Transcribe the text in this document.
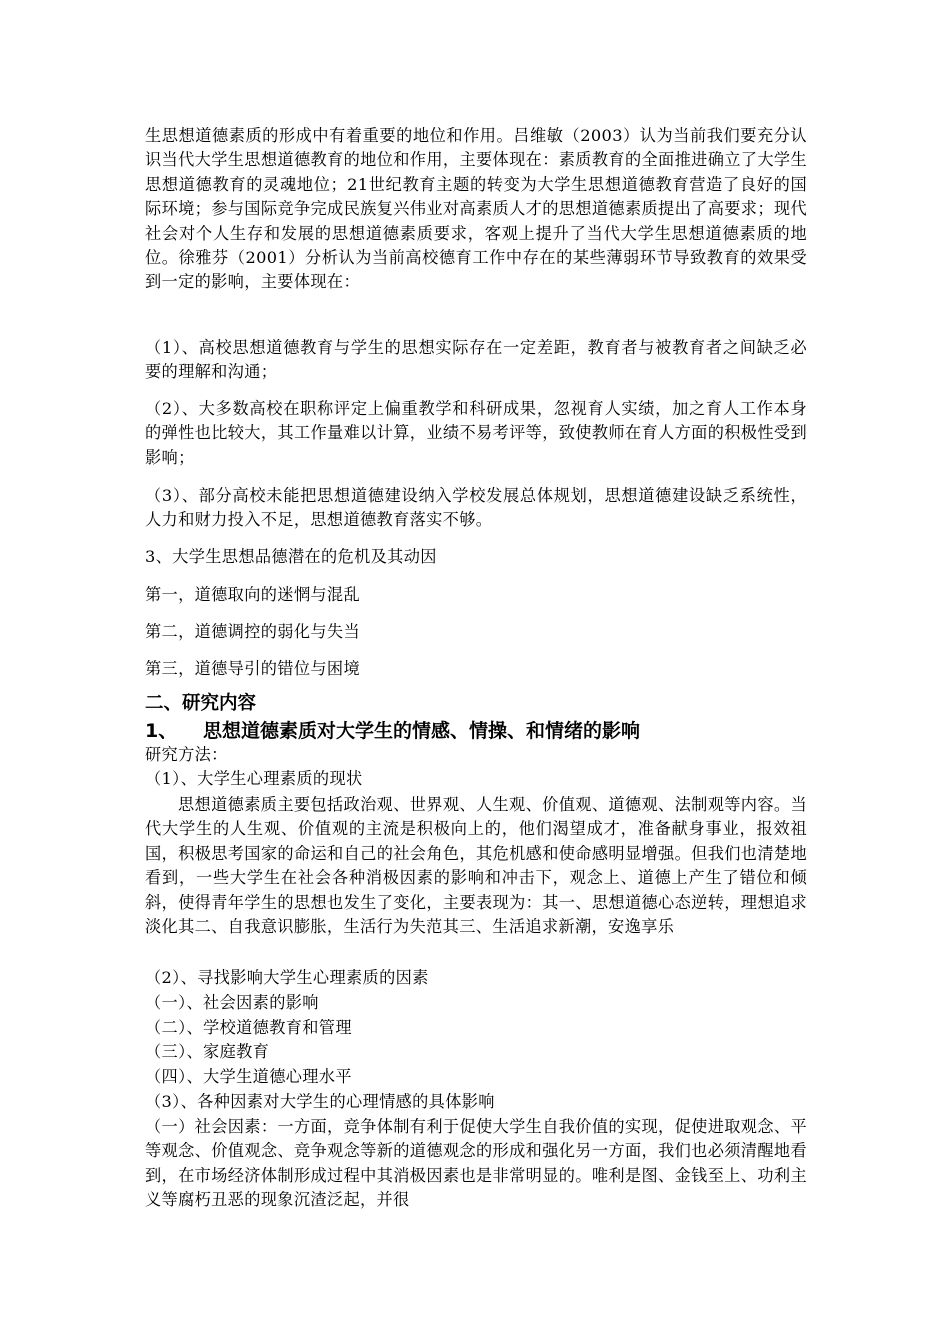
生思想道德素质的形成中有着重要的地位和作用。吕维敏（2003）认为当前我们要充分认识当代大学生思想道德教育的地位和作用，主要体现在：素质教育的全面推进确立了大学生思想道德教育的灵魂地位；21世纪教育主题的转变为大学生思想道德教育营造了良好的国际环境；参与国际竞争完成民族复兴伟业对高素质人才的思想道德素质提出了高要求；现代社会对个人生存和发展的思想道德素质要求，客观上提升了当代大学生思想道德素质的地位。徐雅芬（2001）分析认为当前高校德育工作中存在的某些薄弱环节导致教育的效果受到一定的影响，主要体现在：

（1）、高校思想道德教育与学生的思想实际存在一定差距，教育者与被教育者之间缺乏必要的理解和沟通；

（2）、大多数高校在职称评定上偏重教学和科研成果，忽视育人实绩，加之育人工作本身的弹性也比较大，其工作量难以计算，业绩不易考评等，致使教师在育人方面的积极性受到影响；

（3）、部分高校未能把思想道德建设纳入学校发展总体规划，思想道德建设缺乏系统性，人力和财力投入不足，思想道德教育落实不够。

3、大学生思想品德潜在的危机及其动因

第一，道德取向的迷惘与混乱

第二，道德调控的弱化与失当

第三，道德导引的错位与困境

二、研究内容

1、 思想道德素质对大学生的情感、情操、和情绪的影响

研究方法：

（1）、大学生心理素质的现状

思想道德素质主要包括政治观、世界观、人生观、价值观、道德观、法制观等内容。当代大学生的人生观、价值观的主流是积极向上的，他们渴望成才，准备献身事业，报效祖国，积极思考国家的命运和自己的社会角色，其危机感和使命感明显增强。但我们也清楚地看到，一些大学生在社会各种消极因素的影响和冲击下，观念上、道德上产生了错位和倾斜，使得青年学生的思想也发生了变化，主要表现为：其一、思想道德心态逆转，理想追求淡化其二、自我意识膨胀，生活行为失范其三、生活追求新潮，安逸享乐

（2）、寻找影响大学生心理素质的因素

（一）、社会因素的影响

（二）、学校道德教育和管理

（三）、家庭教育

（四）、大学生道德心理水平

（3）、各种因素对大学生的心理情感的具体影响

（一）社会因素：一方面，竞争体制有利于促使大学生自我价值的实现，促使进取观念、平等观念、价值观念、竞争观念等新的道德观念的形成和强化另一方面，我们也必须清醒地看到，在市场经济体制形成过程中其消极因素也是非常明显的。唯利是图、金钱至上、功利主义等腐朽丑恶的现象沉渣泛起，并很
